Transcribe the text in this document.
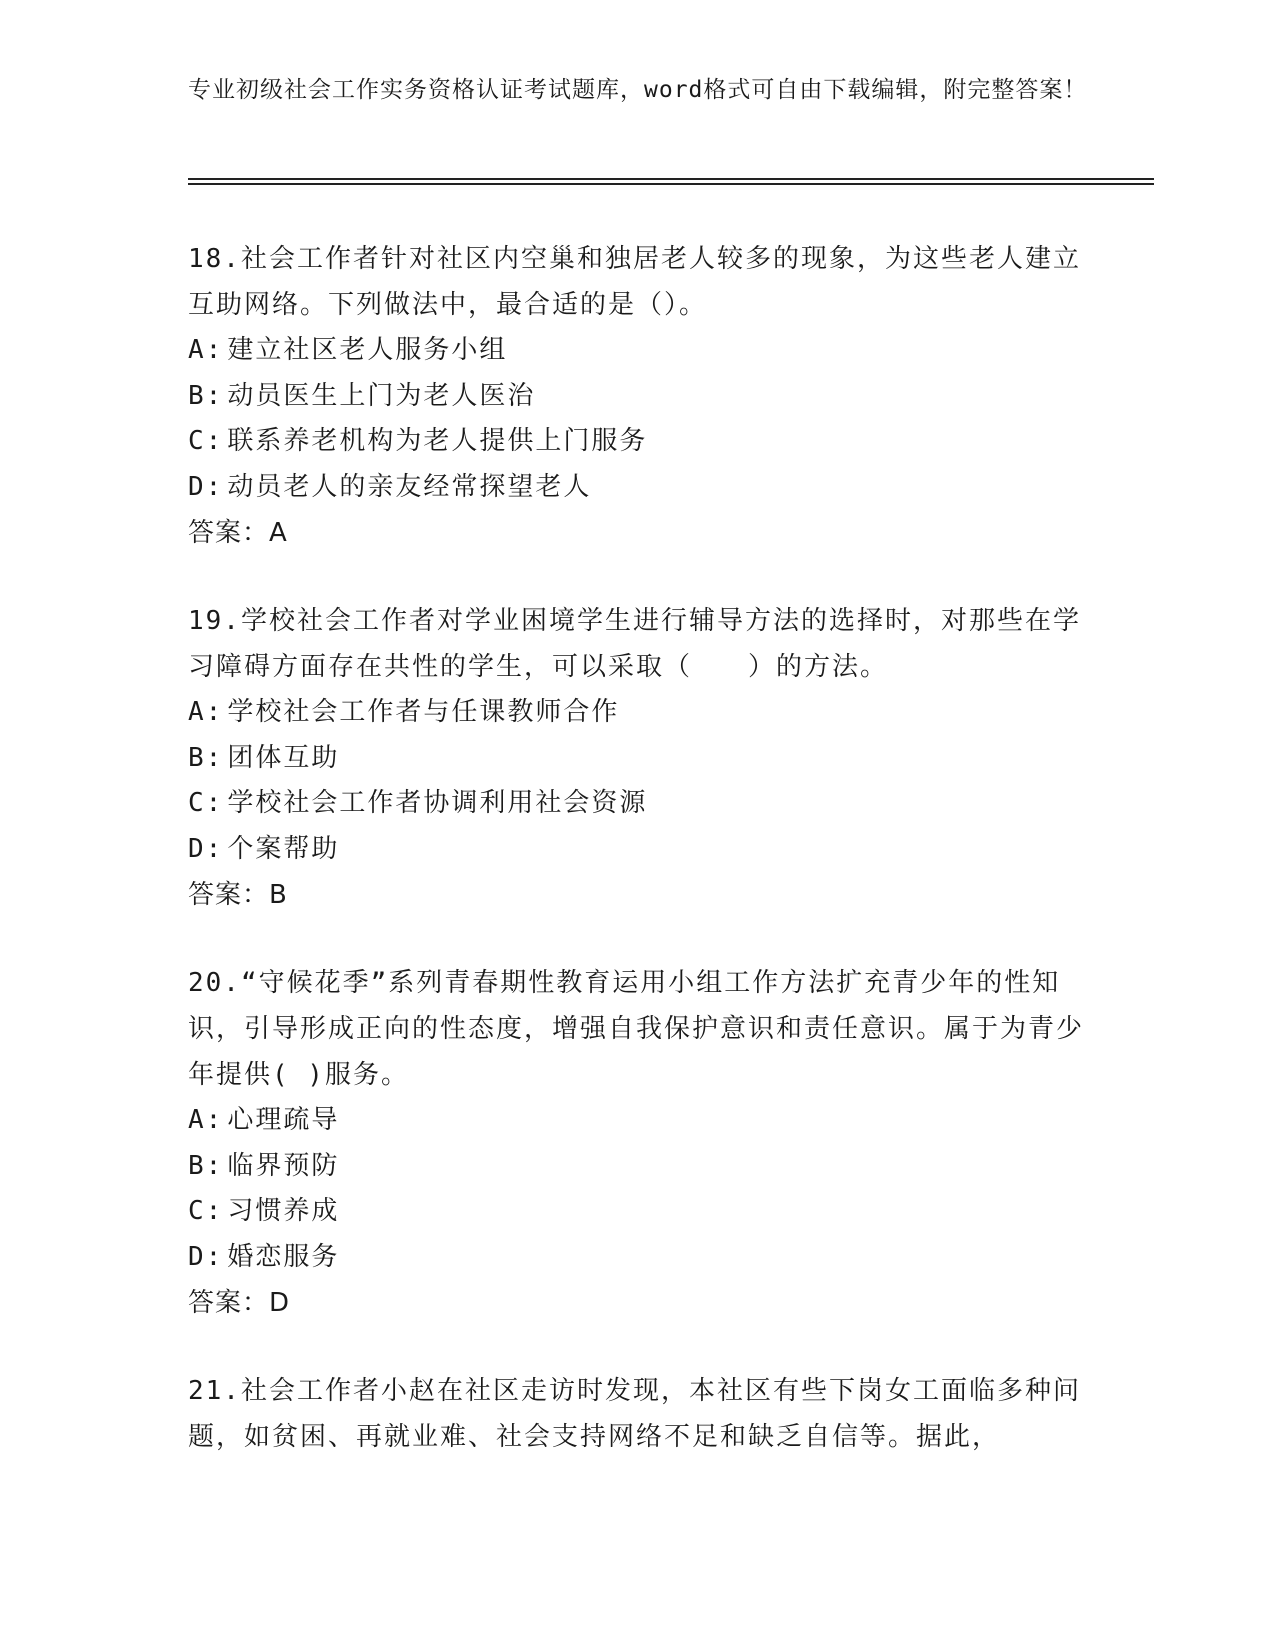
专业初级社会工作实务资格认证考试题库，word格式可自由下载编辑，附完整答案！

18.社会工作者针对社区内空巢和独居老人较多的现象，为这些老人建立互助网络。下列做法中，最合适的是（）。

A: 建立社区老人服务小组

B: 动员医生上门为老人医治

C: 联系养老机构为老人提供上门服务

D: 动员老人的亲友经常探望老人

答案：A

19.学校社会工作者对学业困境学生进行辅导方法的选择时，对那些在学习障碍方面存在共性的学生，可以采取（　　）的方法。

A: 学校社会工作者与任课教师合作

B: 团体互助

C: 学校社会工作者协调利用社会资源

D: 个案帮助

答案：B

20.“守候花季”系列青春期性教育运用小组工作方法扩充青少年的性知识，引导形成正向的性态度，增强自我保护意识和责任意识。属于为青少年提供( )服务。

A: 心理疏导

B: 临界预防

C: 习惯养成

D: 婚恋服务

答案：D

21.社会工作者小赵在社区走访时发现，本社区有些下岗女工面临多种问题，如贫困、再就业难、社会支持网络不足和缺乏自信等。据此，
